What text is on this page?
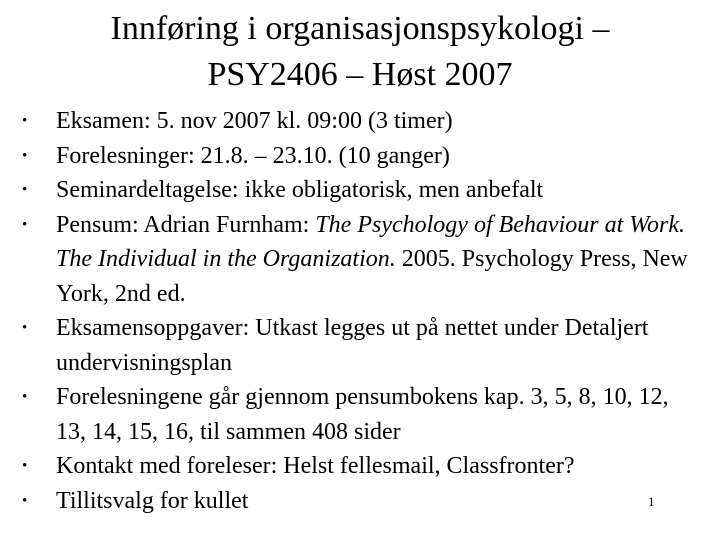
Innføring i organisasjonspsykologi –
PSY2406 – Høst 2007
• Eksamen: 5. nov 2007 kl. 09:00 (3 timer)
• Forelesninger: 21.8. – 23.10. (10 ganger)
• Seminardeltagelse: ikke obligatorisk, men anbefalt
• Pensum: Adrian Furnham: The Psychology of Behaviour at Work. The Individual in the Organization. 2005. Psychology Press, New York, 2nd ed.
• Eksamensoppgaver: Utkast legges ut på nettet under Detaljert undervisningsplan
• Forelesningene går gjennom pensumbokens kap. 3, 5, 8, 10, 12, 13, 14, 15, 16, til sammen 408 sider
• Kontakt med foreleser: Helst fellesmail, Classfronter?
• Tillitsvalg for kullet	1
